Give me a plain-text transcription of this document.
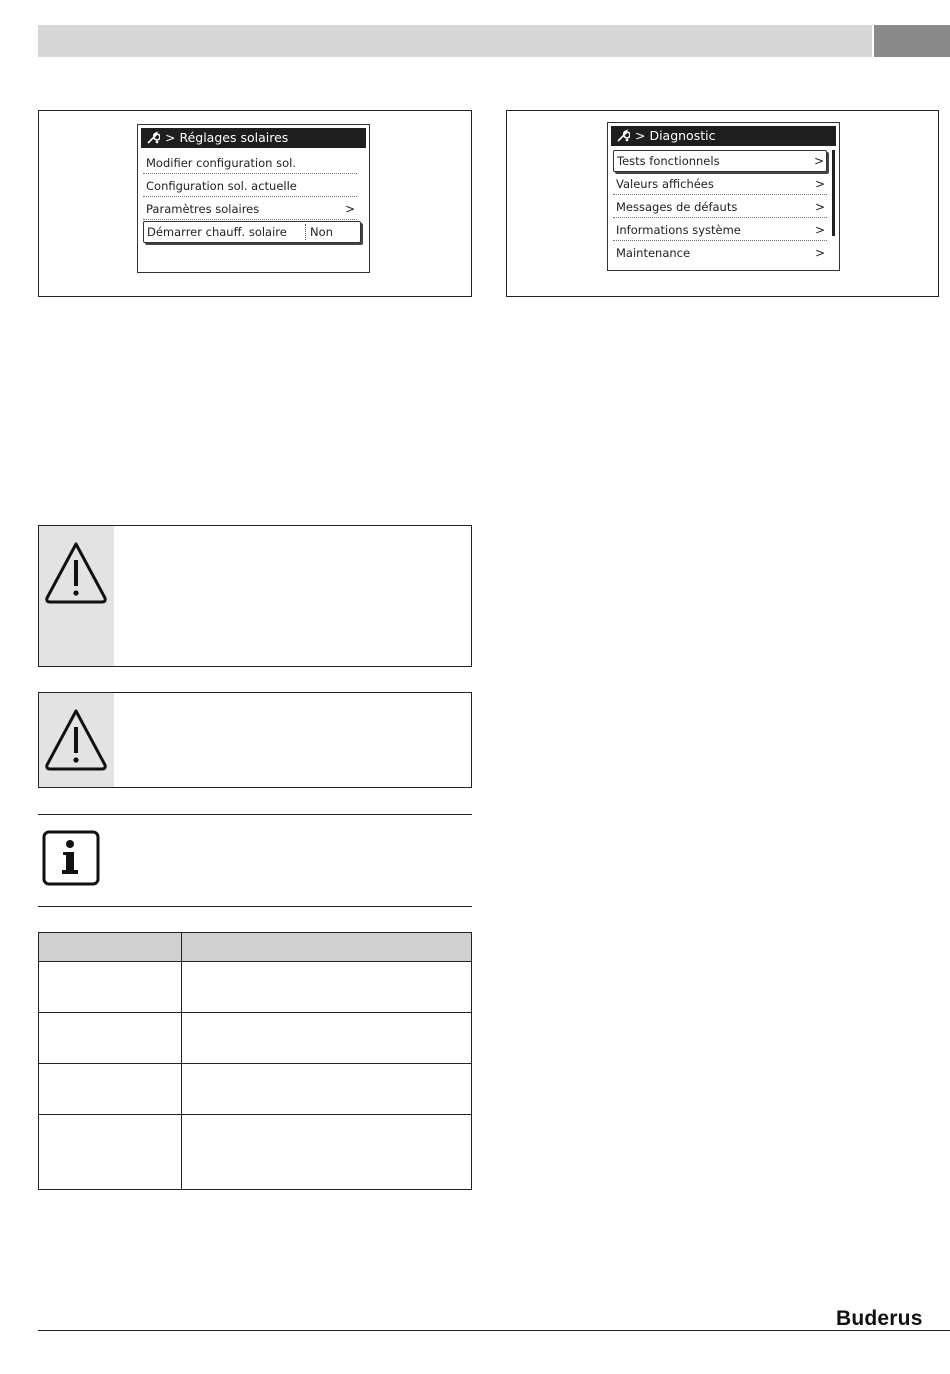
> Réglages solaires
Modifier configuration sol.
Configuration sol. actuelle
Paramètres solaires	>
Démarrer chauff. solaire	Non
> Diagnostic
Tests fonctionnels	>
Valeurs affichées	>
Messages de défauts	>
Informations système	>
Maintenance	>

Buderus
